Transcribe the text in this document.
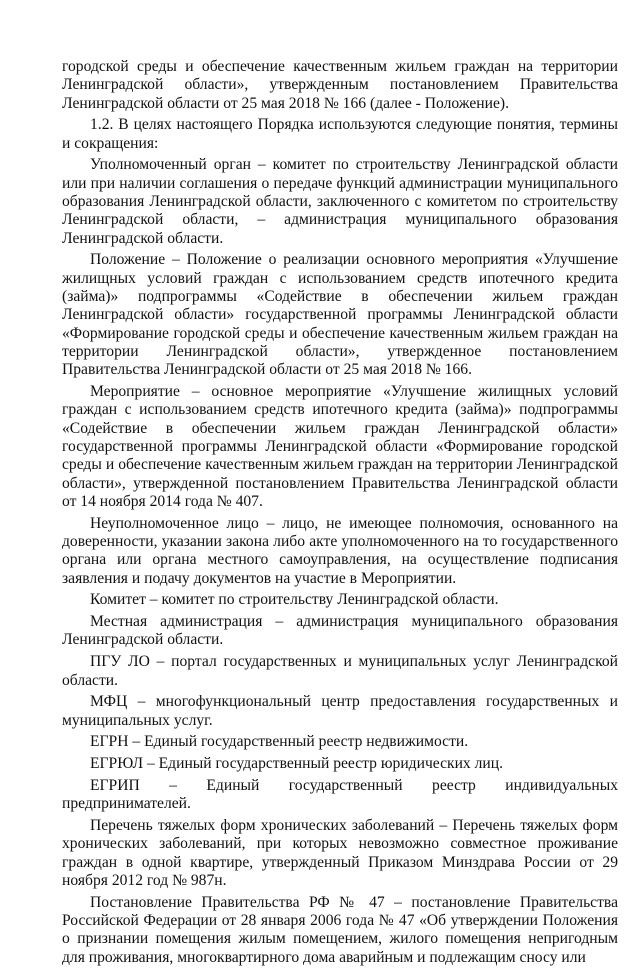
городской среды и обеспечение качественным жильем граждан на территории Ленинградской области», утвержденным постановлением Правительства Ленинградской области от 25 мая 2018 № 166 (далее - Положение).

1.2. В целях настоящего Порядка используются следующие понятия, термины и сокращения:

Уполномоченный орган – комитет по строительству Ленинградской области или при наличии соглашения о передаче функций администрации муниципального образования Ленинградской области, заключенного с комитетом по строительству Ленинградской области, – администрация муниципального образования Ленинградской области.

Положение – Положение о реализации основного мероприятия «Улучшение жилищных условий граждан с использованием средств ипотечного кредита (займа)» подпрограммы «Содействие в обеспечении жильем граждан Ленинградской области» государственной программы Ленинградской области «Формирование городской среды и обеспечение качественным жильем граждан на территории Ленинградской области», утвержденное постановлением Правительства Ленинградской области от 25 мая 2018 № 166.

Мероприятие – основное мероприятие «Улучшение жилищных условий граждан с использованием средств ипотечного кредита (займа)» подпрограммы «Содействие в обеспечении жильем граждан Ленинградской области» государственной программы Ленинградской области «Формирование городской среды и обеспечение качественным жильем граждан на территории Ленинградской области», утвержденной постановлением Правительства Ленинградской области от 14 ноября 2014 года № 407.

Неуполномоченное лицо – лицо, не имеющее полномочия, основанного на доверенности, указании закона либо акте уполномоченного на то государственного органа или органа местного самоуправления, на осуществление подписания заявления и подачу документов на участие в Мероприятии.

Комитет – комитет по строительству Ленинградской области.

Местная администрация – администрация муниципального образования Ленинградской области.

ПГУ ЛО – портал государственных и муниципальных услуг Ленинградской области.

МФЦ – многофункциональный центр предоставления государственных и муниципальных услуг.

ЕГРН – Единый государственный реестр недвижимости.

ЕГРЮЛ – Единый государственный реестр юридических лиц.

ЕГРИП – Единый государственный реестр индивидуальных предпринимателей.

Перечень тяжелых форм хронических заболеваний – Перечень тяжелых форм хронических заболеваний, при которых невозможно совместное проживание граждан в одной квартире, утвержденный Приказом Минздрава России от 29 ноября 2012 год № 987н.

Постановление Правительства РФ № 47 – постановление Правительства Российской Федерации от 28 января 2006 года № 47 «Об утверждении Положения о признании помещения жилым помещением, жилого помещения непригодным для проживания, многоквартирного дома аварийным и подлежащим сносу или
